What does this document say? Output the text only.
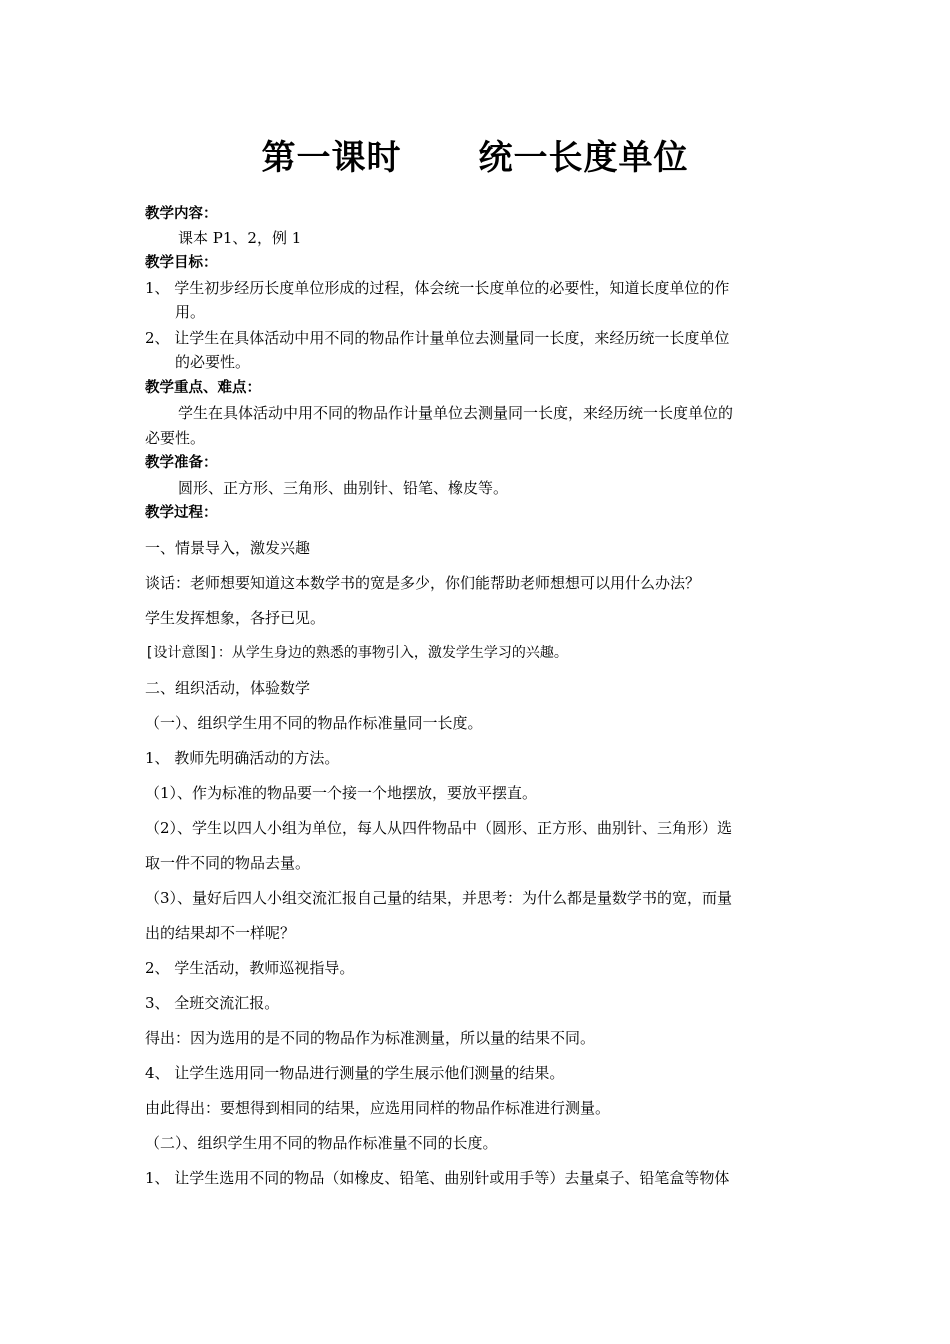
第一课时      统一长度单位
教学内容：
课本 P1、2，例 1
教学目标：
1、 学生初步经历长度单位形成的过程，体会统一长度单位的必要性，知道长度单位的作
用。
2、 让学生在具体活动中用不同的物品作计量单位去测量同一长度，来经历统一长度单位
的必要性。
教学重点、难点：
学生在具体活动中用不同的物品作计量单位去测量同一长度，来经历统一长度单位的
必要性。
教学准备：
圆形、正方形、三角形、曲别针、铅笔、橡皮等。
教学过程：
一、情景导入，激发兴趣
谈话：老师想要知道这本数学书的宽是多少，你们能帮助老师想想可以用什么办法？
学生发挥想象，各抒已见。
[设计意图]：从学生身边的熟悉的事物引入，激发学生学习的兴趣。
二、组织活动，体验数学
（一）、组织学生用不同的物品作标准量同一长度。
1、 教师先明确活动的方法。
（1）、作为标准的物品要一个接一个地摆放，要放平摆直。
（2）、学生以四人小组为单位，每人从四件物品中（圆形、正方形、曲别针、三角形）选
取一件不同的物品去量。
（3）、量好后四人小组交流汇报自己量的结果，并思考：为什么都是量数学书的宽，而量
出的结果却不一样呢？
2、 学生活动，教师巡视指导。
3、 全班交流汇报。
得出：因为选用的是不同的物品作为标准测量，所以量的结果不同。
4、 让学生选用同一物品进行测量的学生展示他们测量的结果。
由此得出：要想得到相同的结果，应选用同样的物品作标准进行测量。
（二）、组织学生用不同的物品作标准量不同的长度。
1、 让学生选用不同的物品（如橡皮、铅笔、曲别针或用手等）去量桌子、铅笔盒等物体
